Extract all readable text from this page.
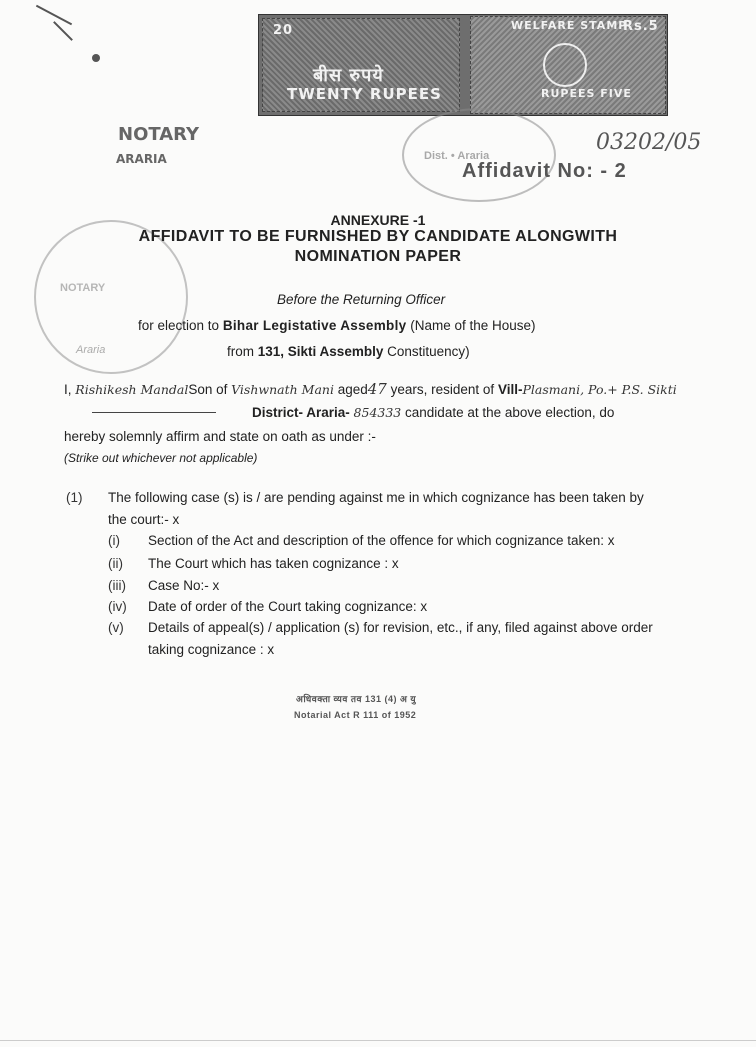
20
बीस रुपये
TWENTY RUPEES
WELFARE STAMP
Rs.5
RUPEES FIVE
Dist. • Araria
Affidavit No: - 2
03202/05
NOTARY
ARARIA
NOTARY
Araria
ANNEXURE -1
AFFIDAVIT TO BE FURNISHED BY CANDIDATE ALONGWITH
NOMINATION PAPER
Before the Returning Officer
for election to Bihar Legistative Assembly (Name of the House)
from 131, Sikti Assembly Constituency)
I, Rishikesh MandalSon of Vishwnath Mani aged47 years, resident of Vill-Plasmani, Po.+ P.S. Sikti
District- Araria- 854333 candidate at the above election, do
hereby solemnly affirm and state on oath as under :-
(Strike out whichever not applicable)
(1) The following case (s) is / are pending against me in which cognizance has been taken by
the court:- x
(i) Section of the Act and description of the offence for which cognizance taken: x
(ii) The Court which has taken cognizance : x
(iii) Case No:- x
(iv) Date of order of the Court taking cognizance: x
(v) Details of appeal(s) / application (s) for revision, etc., if any, filed against above order
taking cognizance : x
अधिवक्ता व्यव तव 131 (4) अ यु
Notarial Act R 111 of 1952
